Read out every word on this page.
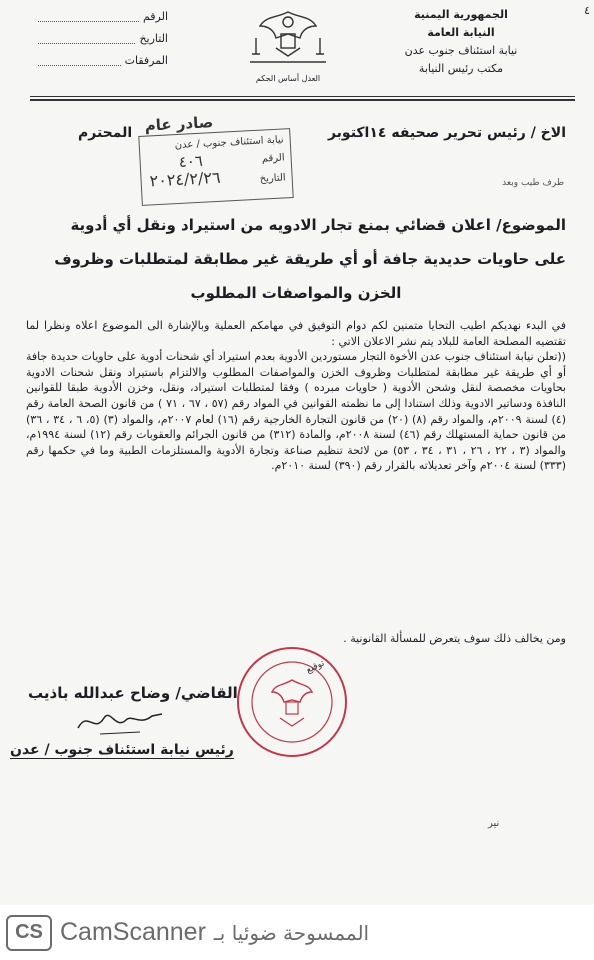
٤
الجمهورية اليمنية
النيابة العامة
نيابة استئناف جنوب عدن
مكتب رئيس النيابة
العدل أساس الحكم
الرقم
التاريخ
المرفقات
الاخ / رئيس تحرير صحيفه ١٤اكتوبر
المحترم صادر عام
نيابة استئناف جنوب / عدن
الرقم
٤٠٦
التاريخ
٢٠٢٤/٢/٢٦	طرف طيب وبعد
الموضوع/ اعلان قضائي بمنع تجار الادويه من استيراد ونقل أي أدوية
على حاويات حديدية جافة أو أي طريقة غير مطابقة لمتطلبات وظروف
الخزن والمواصفات المطلوب

في البدء نهديكم اطيب التحايا متمنين لكم دوام التوفيق في مهامكم العملية وبالإشارة الى الموضوع اعلاه ونظرا لما تقتضيه المصلحة العامة للبلاد يتم نشر الاعلان الاتي :

((تعلن نيابة استئناف جنوب عدن الأخوة التجار مستوردين الأدوية بعدم استيراد أي شحنات أدوية على حاويات حديدة جافة أو أي طريقة غير مطابقة لمتطلبات وظروف الخزن والمواصفات المطلوب والالتزام باستيراد ونقل شحنات الادوية بحاويات مخصصة لنقل وشحن الأدوية ( حاويات مبرده ) وفقا لمتطلبات استيراد، ونقل، وخزن الأدوية طبقا للقوانين النافذة ودساتير الادوية وذلك استنادا إلى ما نظمته القوانين في المواد رقم (٥٧ ، ٦٧ ، ٧١ ) من قانون الصحة العامة رقم (٤) لسنة ٢٠٠٩م، والمواد رقم (٨) (٢٠) من قانون التجارة الخارجية رقم (١٦) لعام ٢٠٠٧م، والمواد (٣) (٥، ٦ ، ٣٤ ، ٣٦) من قانون حماية المستهلك رقم (٤٦) لسنة ٢٠٠٨م، والمادة (٣١٢) من قانون الجرائم والعقوبات رقم (١٢) لسنة ١٩٩٤م، والمواد (٣ ، ٢٢ ، ٢٦ ، ٣١ ، ٣٤ ، ٥٣) من لائحة تنظيم صناعة وتجارة الأدوية والمستلزمات الطبية وما في حكمها رقم (٣٣٣) لسنة ٢٠٠٤م وآخر تعديلاته بالقرار رقم (٣٩٠) لسنة ٢٠١٠م.

ومن يخالف ذلك سوف يتعرض للمسألة القانونية .
توقيع
القاضي/ وضاح عبدالله باذيب
رئيس نيابة استئناف جنوب / عدن
نير
CS CamScanner الممسوحة ضوئيا بـ
